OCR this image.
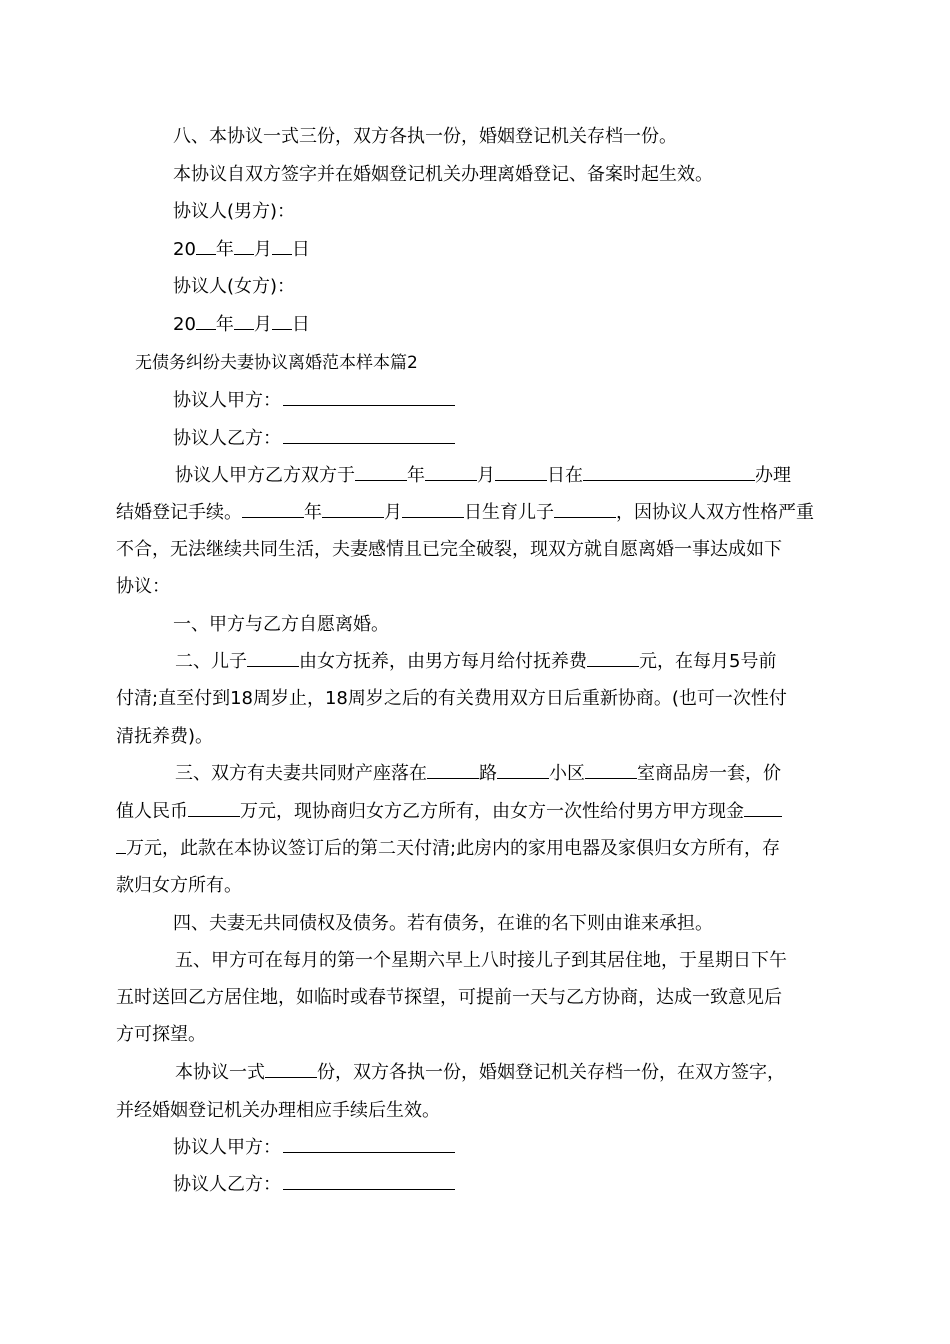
八、本协议一式三份，双方各执一份，婚姻登记机关存档一份。
本协议自双方签字并在婚姻登记机关办理离婚登记、备案时起生效。
协议人(男方)：
20 年 月 日
协议人(女方)：
20 年 月 日
无债务纠纷夫妻协议离婚范本样本篇2
协议人甲方：
协议人乙方：
协议人甲方乙方双方于	年	月	日在	办理
结婚登记手续。	年	月	日生育儿子	，因协议人双方性格严重
不合，无法继续共同生活，夫妻感情且已完全破裂，现双方就自愿离婚一事达成如下
协议：
一、甲方与乙方自愿离婚。
二、儿子	由女方抚养，由男方每月给付抚养费	元，在每月5号前
付清;直至付到18周岁止，18周岁之后的有关费用双方日后重新协商。(也可一次性付
清抚养费)。
三、双方有夫妻共同财产座落在	路	小区	室商品房一套，价
值人民币	万元，现协商归女方乙方所有，由女方一次性给付男方甲方现金
万元，此款在本协议签订后的第二天付清;此房内的家用电器及家俱归女方所有，存
款归女方所有。
四、夫妻无共同债权及债务。若有债务，在谁的名下则由谁来承担。
五、甲方可在每月的第一个星期六早上八时接儿子到其居住地，于星期日下午
五时送回乙方居住地，如临时或春节探望，可提前一天与乙方协商，达成一致意见后
方可探望。
本协议一式	份，双方各执一份，婚姻登记机关存档一份，在双方签字，
并经婚姻登记机关办理相应手续后生效。
协议人甲方：
协议人乙方：
